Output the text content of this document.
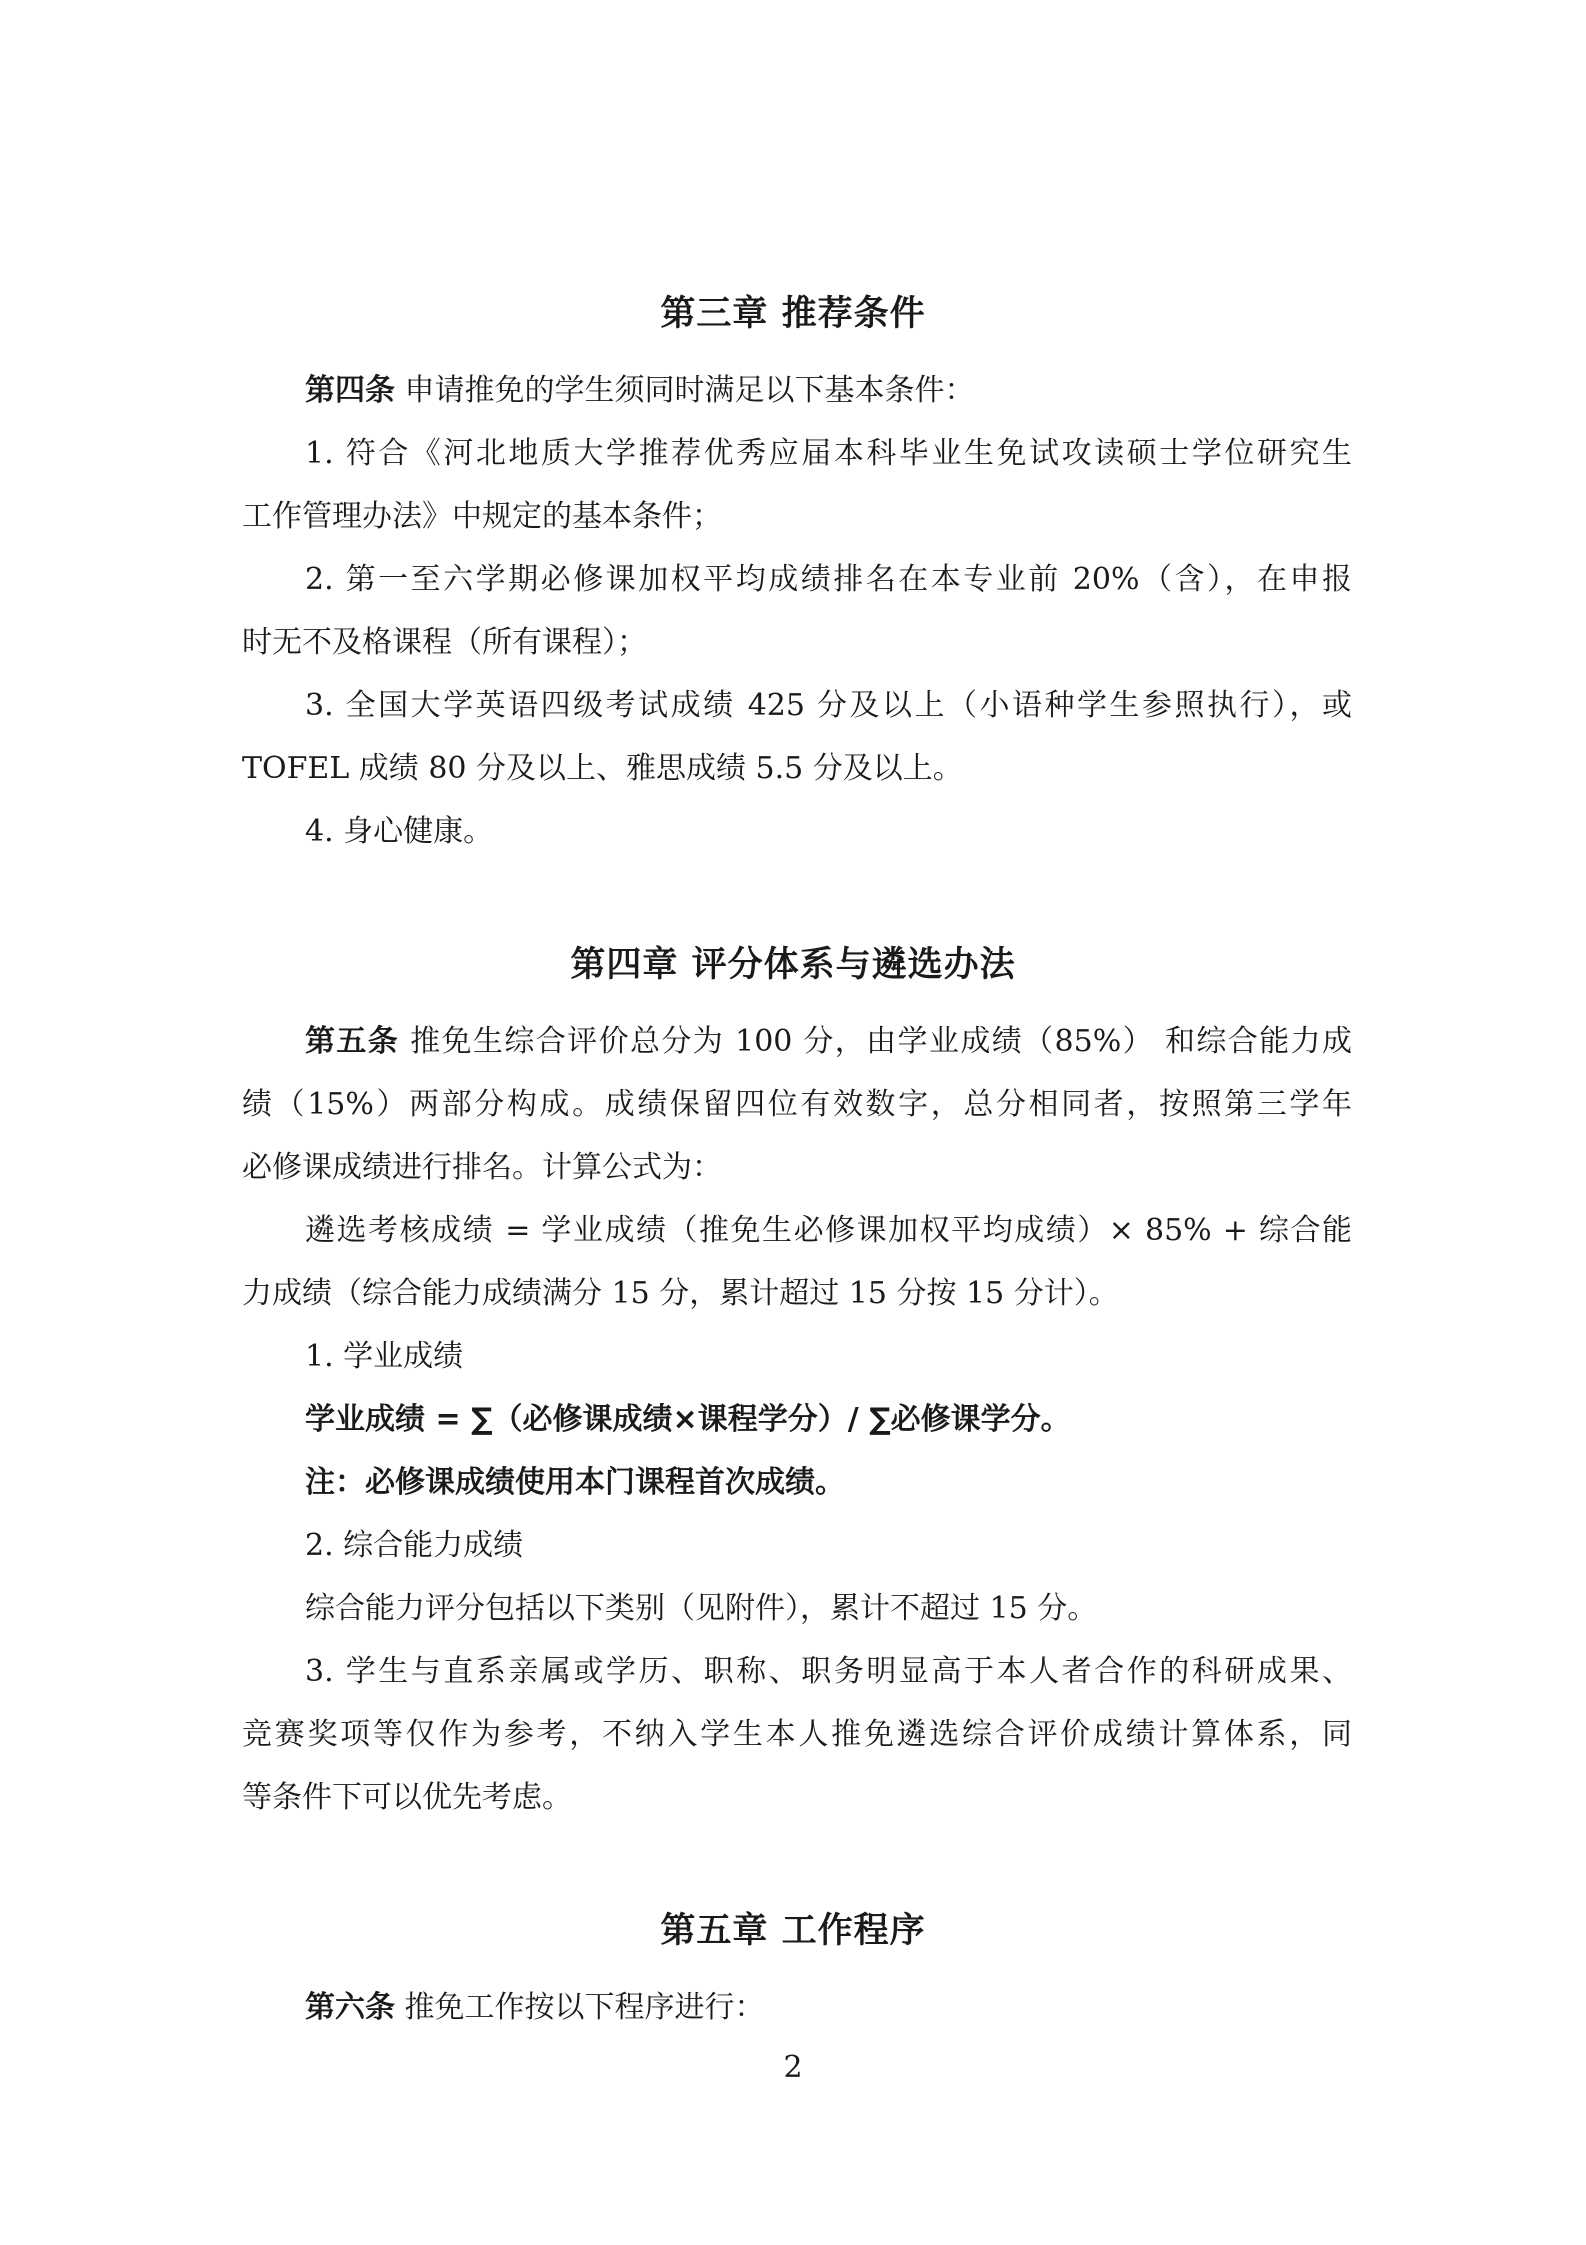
第三章 推荐条件
第四条 申请推免的学生须同时满足以下基本条件：
1. 符合《河北地质大学推荐优秀应届本科毕业生免试攻读硕士学位研究生
工作管理办法》中规定的基本条件；
2. 第一至六学期必修课加权平均成绩排名在本专业前 20%（含），在申报
时无不及格课程（所有课程）；
3. 全国大学英语四级考试成绩 425 分及以上（小语种学生参照执行），或
TOFEL 成绩 80 分及以上、雅思成绩 5.5 分及以上。
4. 身心健康。
第四章 评分体系与遴选办法
第五条 推免生综合评价总分为 100 分，由学业成绩（85%） 和综合能力成
绩（15%）两部分构成。成绩保留四位有效数字，总分相同者，按照第三学年
必修课成绩进行排名。计算公式为：
遴选考核成绩 = 学业成绩（推免生必修课加权平均成绩）× 85% + 综合能
力成绩（综合能力成绩满分 15 分，累计超过 15 分按 15 分计）。
1. 学业成绩
学业成绩 = ∑（必修课成绩×课程学分）/ ∑必修课学分。
注：必修课成绩使用本门课程首次成绩。
2. 综合能力成绩
综合能力评分包括以下类别（见附件），累计不超过 15 分。
3. 学生与直系亲属或学历、职称、职务明显高于本人者合作的科研成果、
竞赛奖项等仅作为参考，不纳入学生本人推免遴选综合评价成绩计算体系，同
等条件下可以优先考虑。
第五章 工作程序
第六条 推免工作按以下程序进行：
2
